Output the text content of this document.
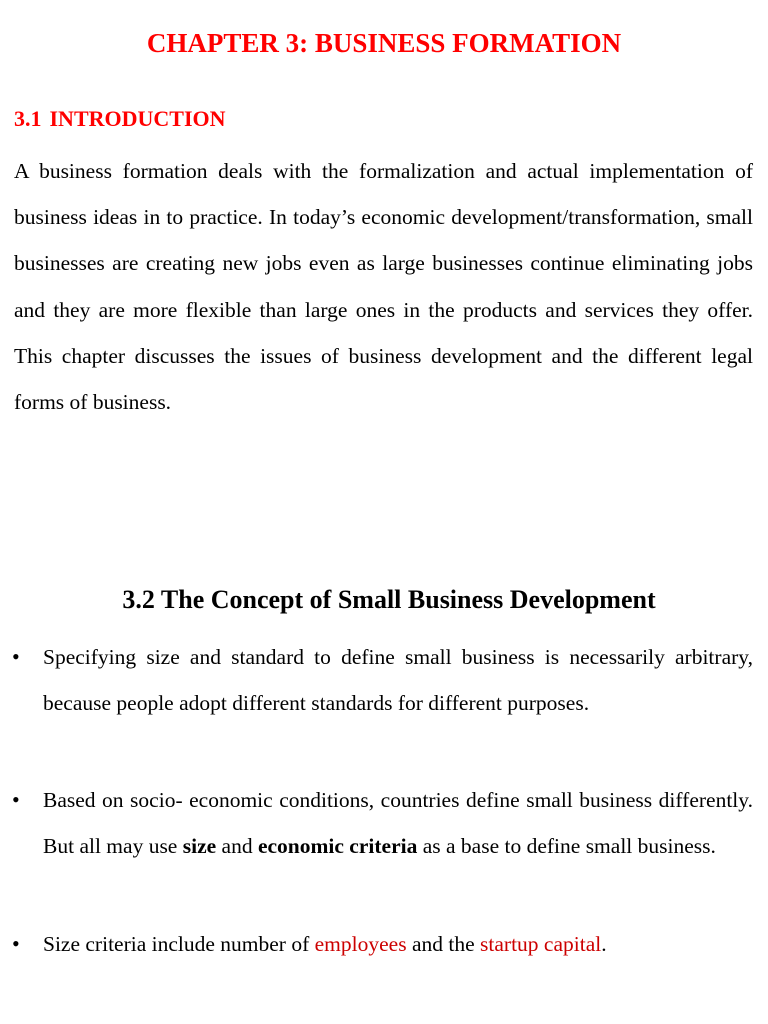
CHAPTER 3: BUSINESS FORMATION
3.1 INTRODUCTION

A business formation deals with the formalization and actual implementation of business ideas in to practice. In today’s economic development/transformation, small businesses are creating new jobs even as large businesses continue eliminating jobs and they are more flexible than large ones in the products and services they offer. This chapter discusses the issues of business development and the different legal forms of business.

3.2 The Concept of Small Business Development
• Specifying size and standard to define small business is necessarily arbitrary, because people adopt different standards for different purposes.
• Based on socio- economic conditions, countries define small business differently. But all may use size and economic criteria as a base to define small business.
• Size criteria include number of employees and the startup capital.
